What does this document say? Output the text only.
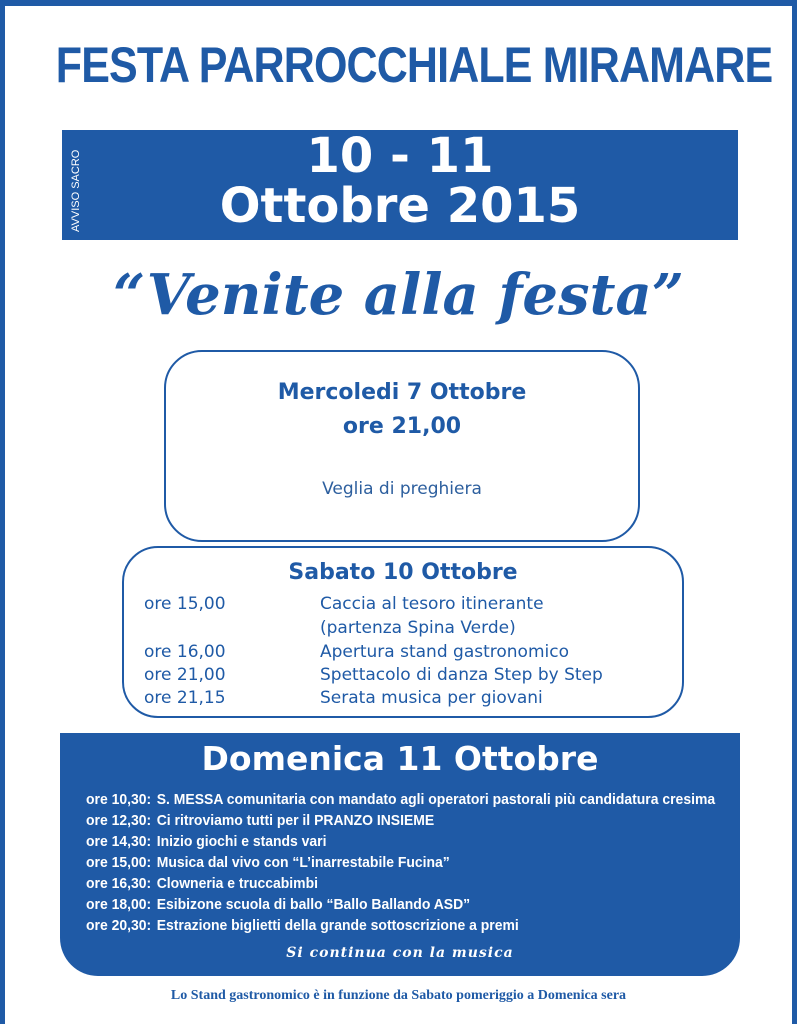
FESTA PARROCCHIALE MIRAMARE
AVVISO SACRO	10 - 11
Ottobre 2015
“Venite alla festa”
Mercoledi 7 Ottobre
ore 21,00
Veglia di preghiera
Sabato 10 Ottobre
ore 15,00	Caccia al tesoro itinerante
(partenza Spina Verde)
ore 16,00	Apertura stand gastronomico
ore 21,00	Spettacolo di danza Step by Step
ore 21,15	Serata musica per giovani
Domenica 11 Ottobre
ore 10,30: S. MESSA comunitaria con mandato agli operatori pastorali più candidatura cresima
ore 12,30: Ci ritroviamo tutti per il PRANZO INSIEME
ore 14,30: Inizio giochi e stands vari
ore 15,00: Musica dal vivo con “L’inarrestabile Fucina”
ore 16,30: Clowneria e truccabimbi
ore 18,00: Esibizone scuola di ballo “Ballo Ballando ASD”
ore 20,30: Estrazione biglietti della grande sottoscrizione a premi
Si continua con la musica
Lo Stand gastronomico è in funzione da Sabato pomeriggio a Domenica sera
